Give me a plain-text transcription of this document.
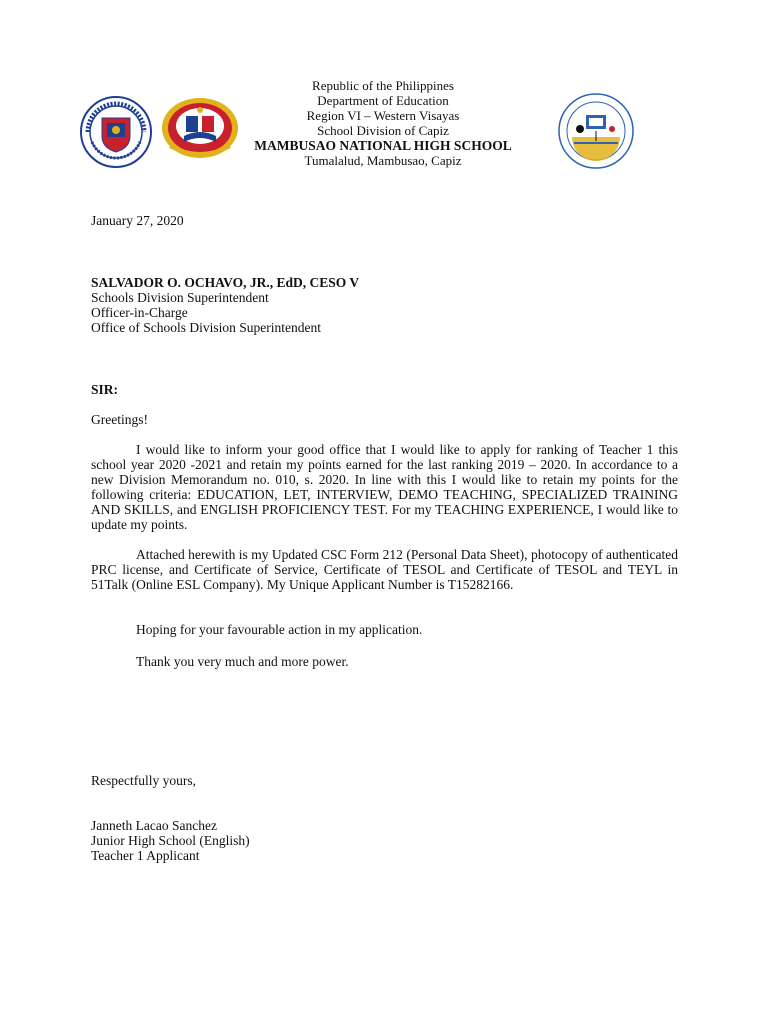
Republic of the Philippines
Department of Education
Region VI – Western Visayas
School Division of Capiz
MAMBUSAO NATIONAL HIGH SCHOOL
Tumalalud, Mambusao, Capiz
January 27, 2020
SALVADOR O. OCHAVO, JR., EdD, CESO V
Schools Division Superintendent
Officer-in-Charge
Office of Schools Division Superintendent
SIR:
Greetings!
I would like to inform your good office that I would like to apply for ranking of Teacher 1 this school year 2020 -2021 and retain my points earned for the last ranking 2019 – 2020. In accordance to a new Division Memorandum no. 010, s. 2020. In line with this I would like to retain my points for the following criteria: EDUCATION, LET, INTERVIEW, DEMO TEACHING, SPECIALIZED TRAINING AND SKILLS, and ENGLISH PROFICIENCY TEST. For my TEACHING EXPERIENCE, I would like to update my points.
Attached herewith is my Updated CSC Form 212 (Personal Data Sheet), photocopy of authenticated PRC license, and Certificate of Service, Certificate of TESOL and Certificate of TESOL and TEYL in 51Talk (Online ESL Company). My Unique Applicant Number is T15282166.
Hoping for your favourable action in my application.
Thank you very much and more power.
Respectfully yours,
Janneth Lacao Sanchez
Junior High School (English)
Teacher 1 Applicant
